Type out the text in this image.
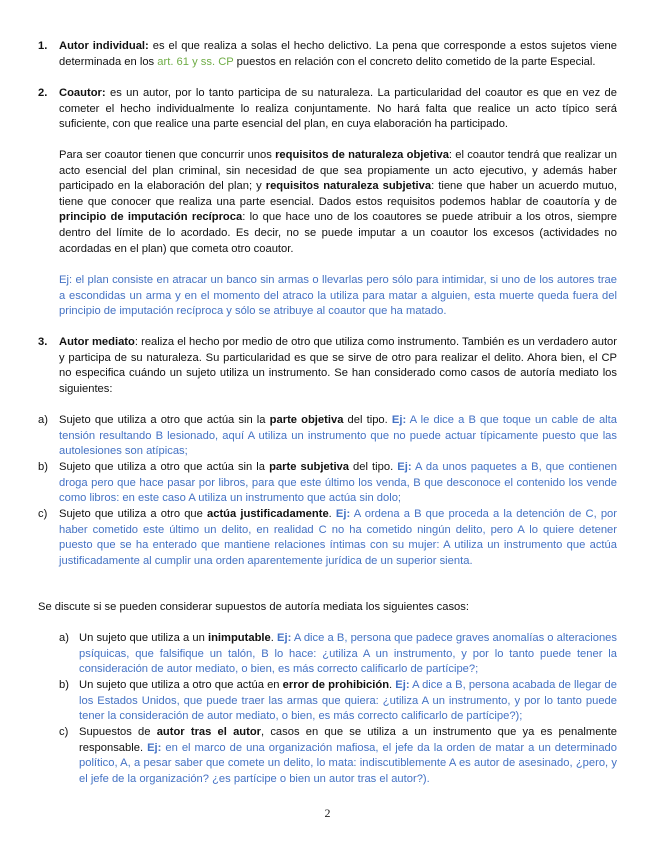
1. Autor individual: es el que realiza a solas el hecho delictivo. La pena que corresponde a estos sujetos viene determinada en los art. 61 y ss. CP puestos en relación con el concreto delito cometido de la parte Especial.
2. Coautor: es un autor, por lo tanto participa de su naturaleza. La particularidad del coautor es que en vez de cometer el hecho individualmente lo realiza conjuntamente. No hará falta que realice un acto típico será suficiente, con que realice una parte esencial del plan, en cuya elaboración ha participado.
Para ser coautor tienen que concurrir unos requisitos de naturaleza objetiva: el coautor tendrá que realizar un acto esencial del plan criminal, sin necesidad de que sea propiamente un acto ejecutivo, y además haber participado en la elaboración del plan; y requisitos naturaleza subjetiva: tiene que haber un acuerdo mutuo, tiene que conocer que realiza una parte esencial. Dados estos requisitos podemos hablar de coautoría y de principio de imputación recíproca: lo que hace uno de los coautores se puede atribuir a los otros, siempre dentro del límite de lo acordado. Es decir, no se puede imputar a un coautor los excesos (actividades no acordadas en el plan) que cometa otro coautor.
Ej: el plan consiste en atracar un banco sin armas o llevarlas pero sólo para intimidar, si uno de los autores trae a escondidas un arma y en el momento del atraco la utiliza para matar a alguien, esta muerte queda fuera del principio de imputación recíproca y sólo se atribuye al coautor que ha matado.
3. Autor mediato: realiza el hecho por medio de otro que utiliza como instrumento. También es un verdadero autor y participa de su naturaleza. Su particularidad es que se sirve de otro para realizar el delito. Ahora bien, el CP no especifica cuándo un sujeto utiliza un instrumento. Se han considerado como casos de autoría mediato los siguientes:
a) Sujeto que utiliza a otro que actúa sin la parte objetiva del tipo. Ej: A le dice a B que toque un cable de alta tensión resultando B lesionado, aquí A utiliza un instrumento que no puede actuar típicamente puesto que las autolesiones son atípicas;
b) Sujeto que utiliza a otro que actúa sin la parte subjetiva del tipo. Ej: A da unos paquetes a B, que contienen droga pero que hace pasar por libros, para que este último los venda, B que desconoce el contenido los vende como libros: en este caso A utiliza un instrumento que actúa sin dolo;
c) Sujeto que utiliza a otro que actúa justificadamente. Ej: A ordena a B que proceda a la detención de C, por haber cometido este último un delito, en realidad C no ha cometido ningún delito, pero A lo quiere detener puesto que se ha enterado que mantiene relaciones íntimas con su mujer: A utiliza un instrumento que actúa justificadamente al cumplir una orden aparentemente jurídica de un superior sienta.
Se discute si se pueden considerar supuestos de autoría mediata los siguientes casos:
a) Un sujeto que utiliza a un inimputable. Ej: A dice a B, persona que padece graves anomalías o alteraciones psíquicas, que falsifique un talón, B lo hace: ¿utiliza A un instrumento, y por lo tanto puede tener la consideración de autor mediato, o bien, es más correcto calificarlo de partícipe?;
b) Un sujeto que utiliza a otro que actúa en error de prohibición. Ej: A dice a B, persona acabada de llegar de los Estados Unidos, que puede traer las armas que quiera: ¿utiliza A un instrumento, y por lo tanto puede tener la consideración de autor mediato, o bien, es más correcto calificarlo de partícipe?);
c) Supuestos de autor tras el autor, casos en que se utiliza a un instrumento que ya es penalmente responsable. Ej: en el marco de una organización mafiosa, el jefe da la orden de matar a un determinado político, A, a pesar saber que comete un delito, lo mata: indiscutiblemente A es autor de asesinado, ¿pero, y el jefe de la organización? ¿es partícipe o bien un autor tras el autor?).
2
